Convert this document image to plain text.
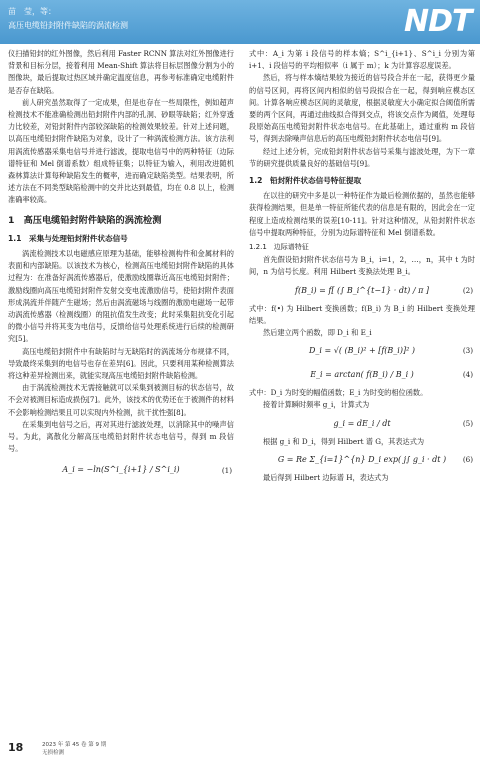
苗　莹，等：
高压电缆铅封附件缺陷的涡流检测	NDT

仪扫描铅封的红外图像，然后利用 Faster RCNN 算法对红外图像进行背景和目标分层，接着利用 Mean-Shift 算法将目标层图像分割为小的图像块，最后提取过热区域并确定温度信息，再参考标准确定电缆附件是否存在缺陷。

前人研究虽然取得了一定成果，但是也存在一些局限性，例如超声检测技术不能准确检测出铅封附件内部的孔洞、砂眼等缺陷；红外穿透力比较差，对铅封附件内部较深缺陷的检测效果较差。针对上述问题，以高压电缆铅封附件缺陷为对象，设计了一种涡流检测方法。该方法利用涡流传感器采集电信号并进行滤波，提取电信号中的两种特征（边际谱特征和 Mel 倒谱系数）组成特征集；以特征为输入，利用改进随机森林算法计算每种缺陷发生的概率，进而确定缺陷类型。结果表明，所述方法在不同类型缺陷检测中的交并比达到最值，均在 0.8 以上，检测准确率较高。

1　高压电缆铅封附件缺陷的涡流检测
1.1　采集与处理铅封附件状态信号

涡流检测技术以电磁感应原理为基础，能够检测构件和金属材料的表面和内部缺陷。以该技术为核心，检测高压电缆铅封附件缺陷的具体过程为：在准备好涡流传感器后，使激励线圈靠近高压电缆铅封附件；激励线圈向高压电缆铅封附件发射交变电流激励信号，使铅封附件表面形成涡流并伴随产生磁场；然后由涡流磁场与线圈的激励电磁场一起带动涡流传感器（检测线圈）的阻抗值发生改变；此时采集阻抗变化引起的微小信号并将其变为电信号，反馈给信号处理系统进行后续的检测研究[5]。

高压电缆铅封附件中有缺陷时与无缺陷时的涡流场分布规律不同，导致最终采集到的电信号也存在差异[6]。因此，只要利用某种检测算法将这种差异检测出来，就能实现高压电缆铅封附件缺陷检测。

由于涡流检测技术无需接触就可以采集到被测目标的状态信号，故不会对被测目标造成损伤[7]。此外，该技术的优势还在于被测件的材料不会影响检测结果且可以实现内外检测，抗干扰性强[8]。

在采集到电信号之后，再对其进行滤波处理，以消除其中的噪声信号。为此，离散化分解高压电缆铅封附件状态电信号，得到 m 段信号。

A_i = −ln(S^i_{i+1} / S^i_i)	(1)

式中：A_i 为第 i 段信号的样本熵；S^i_{i+1}、S^i_i 分别为第 i+1、i 段信号的平均相似率（i 属于 m）；k 为计算容忍度误差。

然后，将与样本熵结果较为接近的信号段合并在一起，获得更少量的信号区间，再将区间内相似的信号段拟合在一起，得到响应模态区间。计算各响应模态区间的灵敏度，根据灵敏度大小确定拟合阈值所需要的两个区间，再通过曲线拟合得到交点，将该交点作为阈值，处理每段原始高压电缆铅封附件状态电信号。在此基础上，通过重构 m 段信号，得到去除噪声信息后的高压电缆铅封附件状态电信号[9]。

经过上述分析，完成铅封附件状态信号采集与滤波处理，为下一章节的研究提供质量良好的基础信号[9]。

1.2　铅封附件状态信号特征提取

在以往的研究中多是以一种特征作为最后检测依据的，虽然也能够获得检测结果，但是单一特征所能代表的信息是有限的，因此会在一定程度上造成检测结果的误差[10-11]。针对这种情况，从铅封附件状态信号中提取两种特征，分别为边际谱特征和 Mel 倒谱系数。

1.2.1　边际谱特征

首先假设铅封附件状态信号为 B_i，i=1，2，…，n，其中 t 为时间，n 为信号长度。利用 Hilbert 变换法处理 B_i。

f(B_i) = f[ (∫ B_i^{t−1} · dt) / π ]	(2)

式中：f(•) 为 Hilbert 变换函数；f(B_i) 为 B_i 的 Hilbert 变换处理结果。

然后建立两个函数，即 D_i 和 E_i

D_i = √( (B_i)² + [f(B_i)]² )	(3)
E_i = arctan( f(B_i) / B_i )	(4)

式中：D_i 为时变的幅值函数；E_i 为时变的相位函数。

接着计算瞬时频率 g_i，计算式为

g_i = dE_i / dt	(5)

根据 g_i 和 D_i，得到 Hilbert 谱 G，其表达式为

G = Re Σ_{i=1}^{n} D_i exp( j∫ g_i · dt ) (6)

最后得到 Hilbert 边际谱 H，表达式为

18	2023 年 第 45 卷 第 9 期
无损检测
